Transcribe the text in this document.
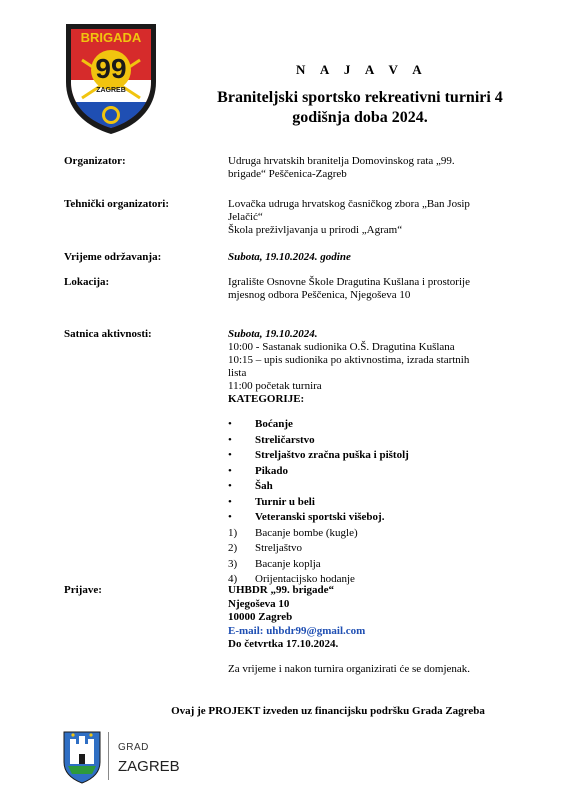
BRIGADA
99
ZAGREB
N A J A V A
Braniteljski sportsko rekreativni turniri 4
godišnja doba 2024.
Organizator:	Udruga hrvatskih branitelja Domovinskog rata „99.
brigade“ Peščenica-Zagreb
Tehnički organizatori:	Lovačka udruga hrvatskog časničkog zbora „Ban Josip
Jelačić“
Škola preživljavanja u prirodi „Agram“
Vrijeme održavanja:	Subota, 19.10.2024. godine
Lokacija:	Igralište Osnovne Škole Dragutina Kušlana i prostorije
mjesnog odbora Peščenica, Njegoševa 10
Satnica aktivnosti:	Subota, 19.10.2024.
10:00 - Sastanak sudionika O.Š. Dragutina Kušlana
10:15 – upis sudionika po aktivnostima, izrada startnih
lista
11:00 početak turnira
KATEGORIJE:
•	Boćanje
•	Streličarstvo
•	Streljaštvo zračna puška i pištolj
•	Pikado
•	Šah
•	Turnir u beli
•	Veteranski sportski višeboj.
1)	Bacanje bombe (kugle)
2)	Streljaštvo
3)	Bacanje koplja
4)	Orijentacijsko hodanje
Prijave:	UHBDR „99. brigade“
Njegoševa 10
10000 Zagreb
E-mail: uhbdr99@gmail.com
Do četvrtka 17.10.2024.
Za vrijeme i nakon turnira organizirati će se domjenak.
Ovaj je PROJEKT izveden uz financijsku podršku Grada Zagreba
GRAD
ZAGREB
